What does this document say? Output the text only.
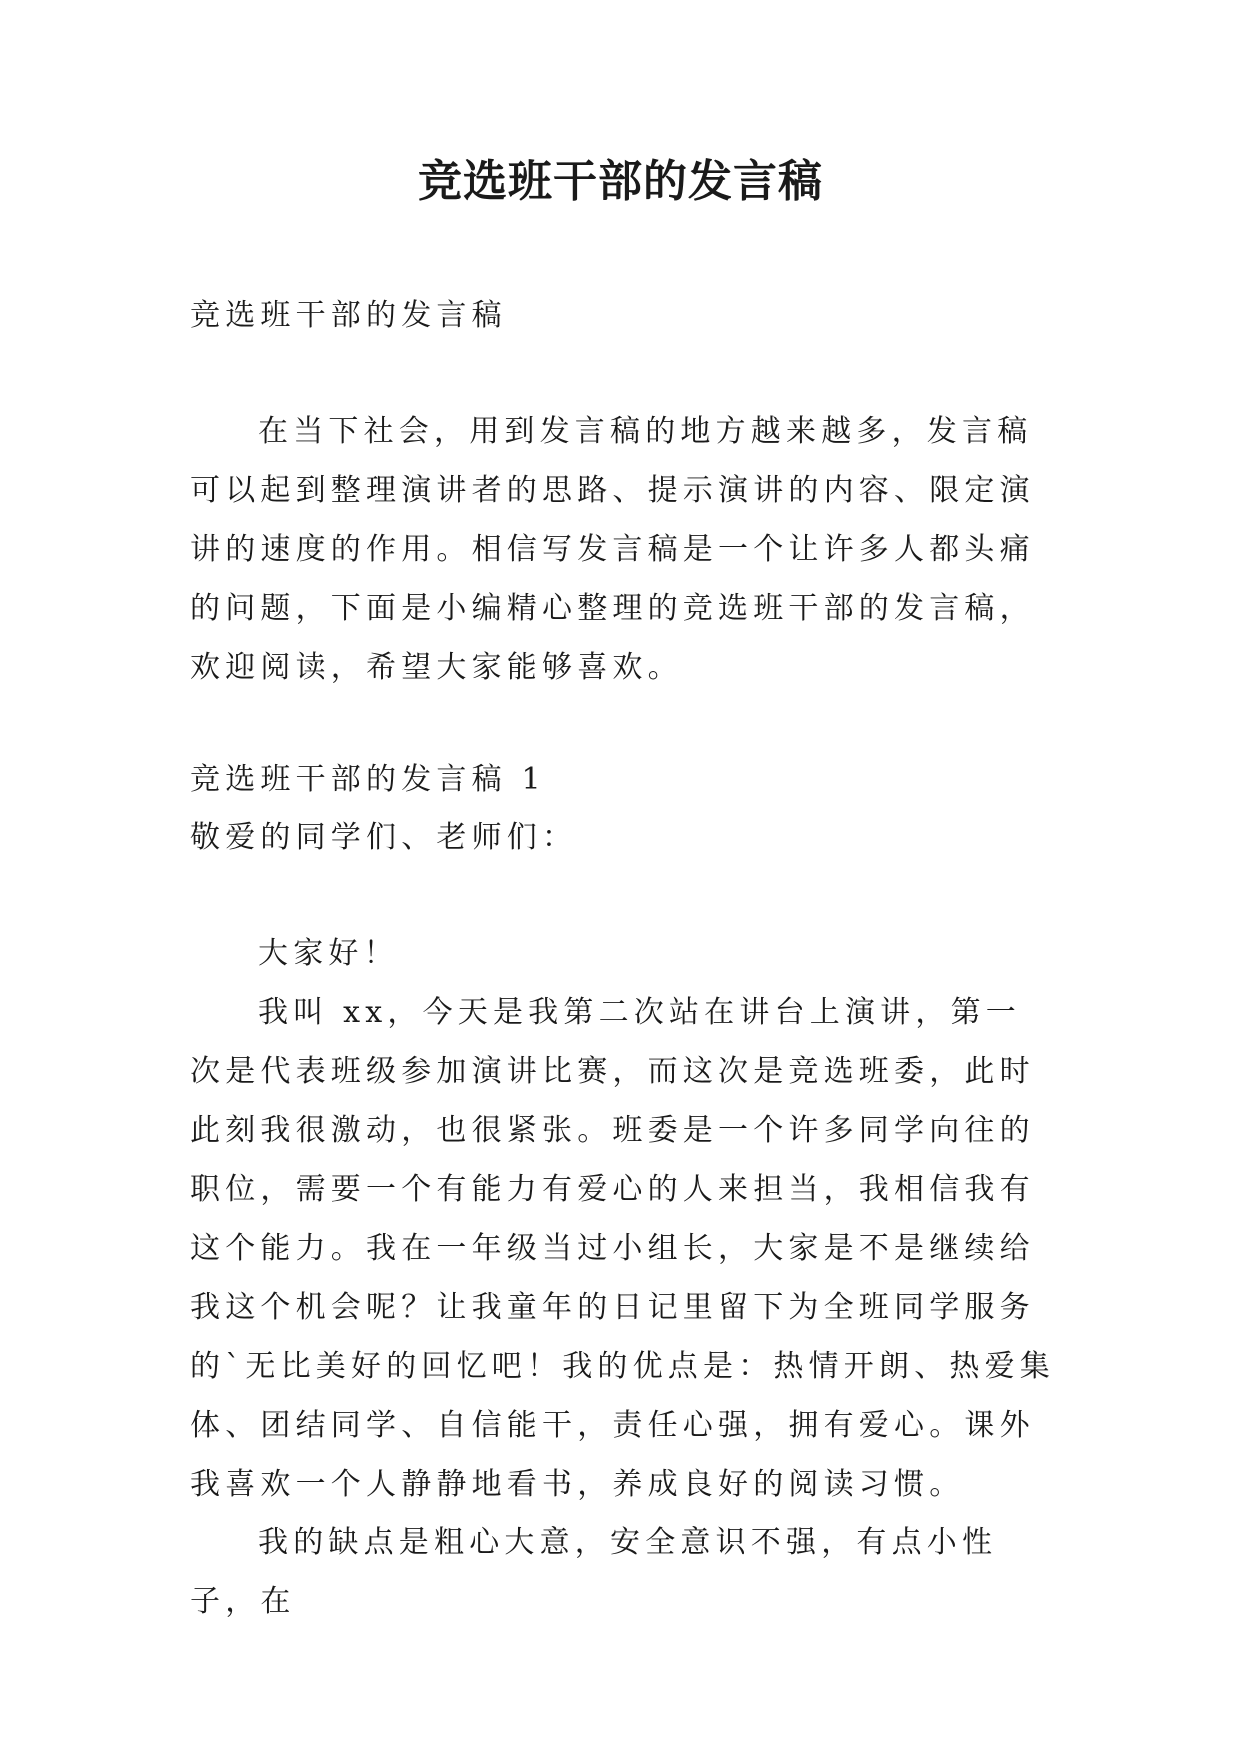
竞选班干部的发言稿

竞选班干部的发言稿

在当下社会，用到发言稿的地方越来越多，发言稿可以起到整理演讲者的思路、提示演讲的内容、限定演讲的速度的作用。相信写发言稿是一个让许多人都头痛的问题，下面是小编精心整理的竞选班干部的发言稿，欢迎阅读，希望大家能够喜欢。

竞选班干部的发言稿 1

敬爱的同学们、老师们：

大家好！

我叫 xx，今天是我第二次站在讲台上演讲，第一次是代表班级参加演讲比赛，而这次是竞选班委，此时此刻我很激动，也很紧张。班委是一个许多同学向往的职位，需要一个有能力有爱心的人来担当，我相信我有这个能力。我在一年级当过小组长，大家是不是继续给我这个机会呢？让我童年的日记里留下为全班同学服务的`无比美好的回忆吧！我的优点是：热情开朗、热爱集体、团结同学、自信能干，责任心强，拥有爱心。课外我喜欢一个人静静地看书，养成良好的阅读习惯。

我的缺点是粗心大意，安全意识不强，有点小性子，在
